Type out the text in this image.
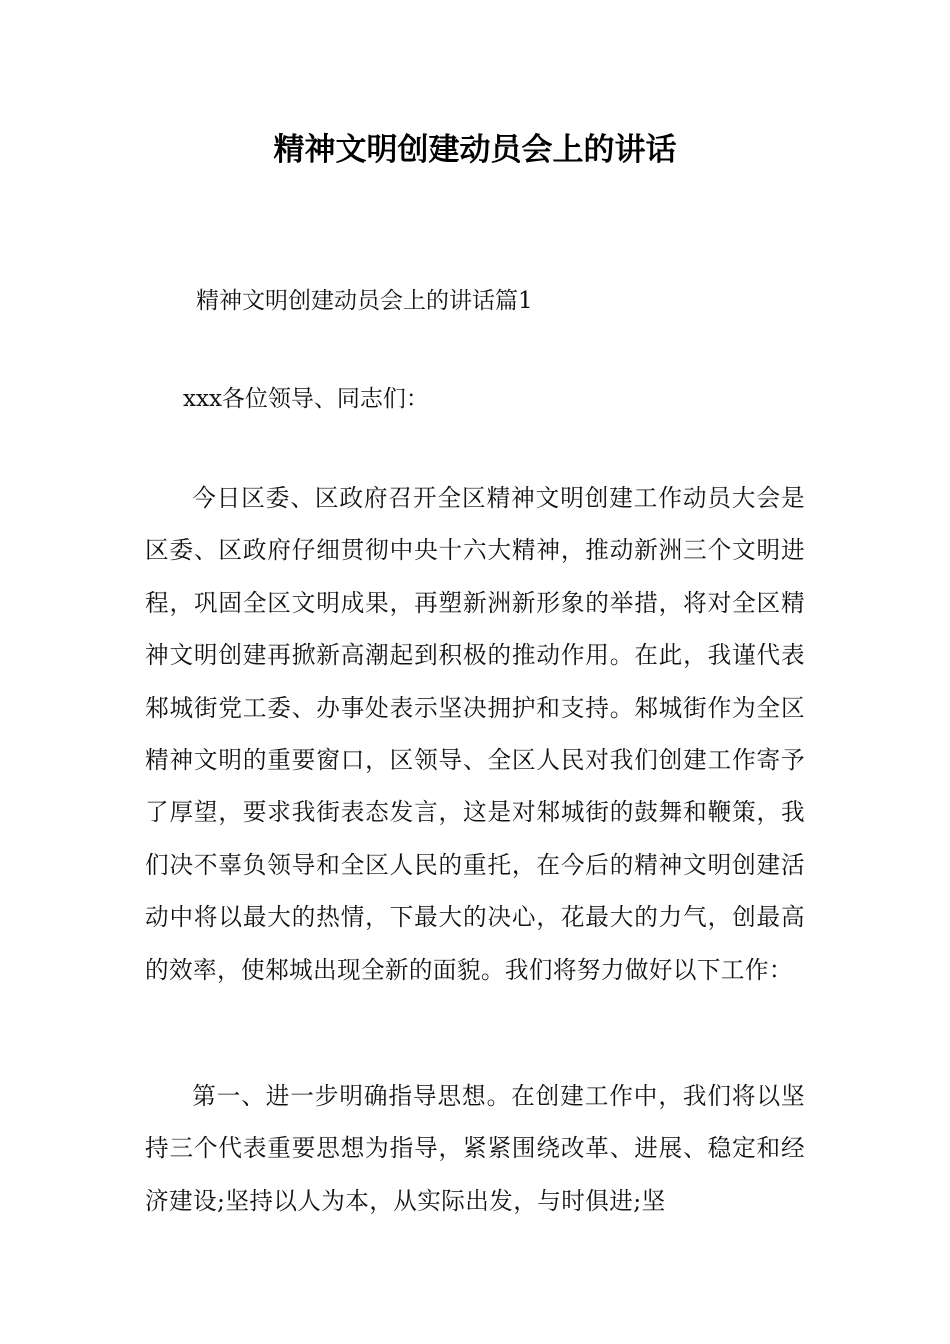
精神文明创建动员会上的讲话
精神文明创建动员会上的讲话篇1
xxx各位领导、同志们：

今日区委、区政府召开全区精神文明创建工作动员大会是区委、区政府仔细贯彻中央十六大精神，推动新洲三个文明进程，巩固全区文明成果，再塑新洲新形象的举措，将对全区精神文明创建再掀新高潮起到积极的推动作用。在此，我谨代表邾城街党工委、办事处表示坚决拥护和支持。邾城街作为全区精神文明的重要窗口，区领导、全区人民对我们创建工作寄予了厚望，要求我街表态发言，这是对邾城街的鼓舞和鞭策，我们决不辜负领导和全区人民的重托，在今后的精神文明创建活动中将以最大的热情，下最大的决心，花最大的力气，创最高的效率，使邾城出现全新的面貌。我们将努力做好以下工作：

第一、进一步明确指导思想。在创建工作中，我们将以坚持三个代表重要思想为指导，紧紧围绕改革、进展、稳定和经济建设;坚持以人为本，从实际出发，与时俱进;坚
